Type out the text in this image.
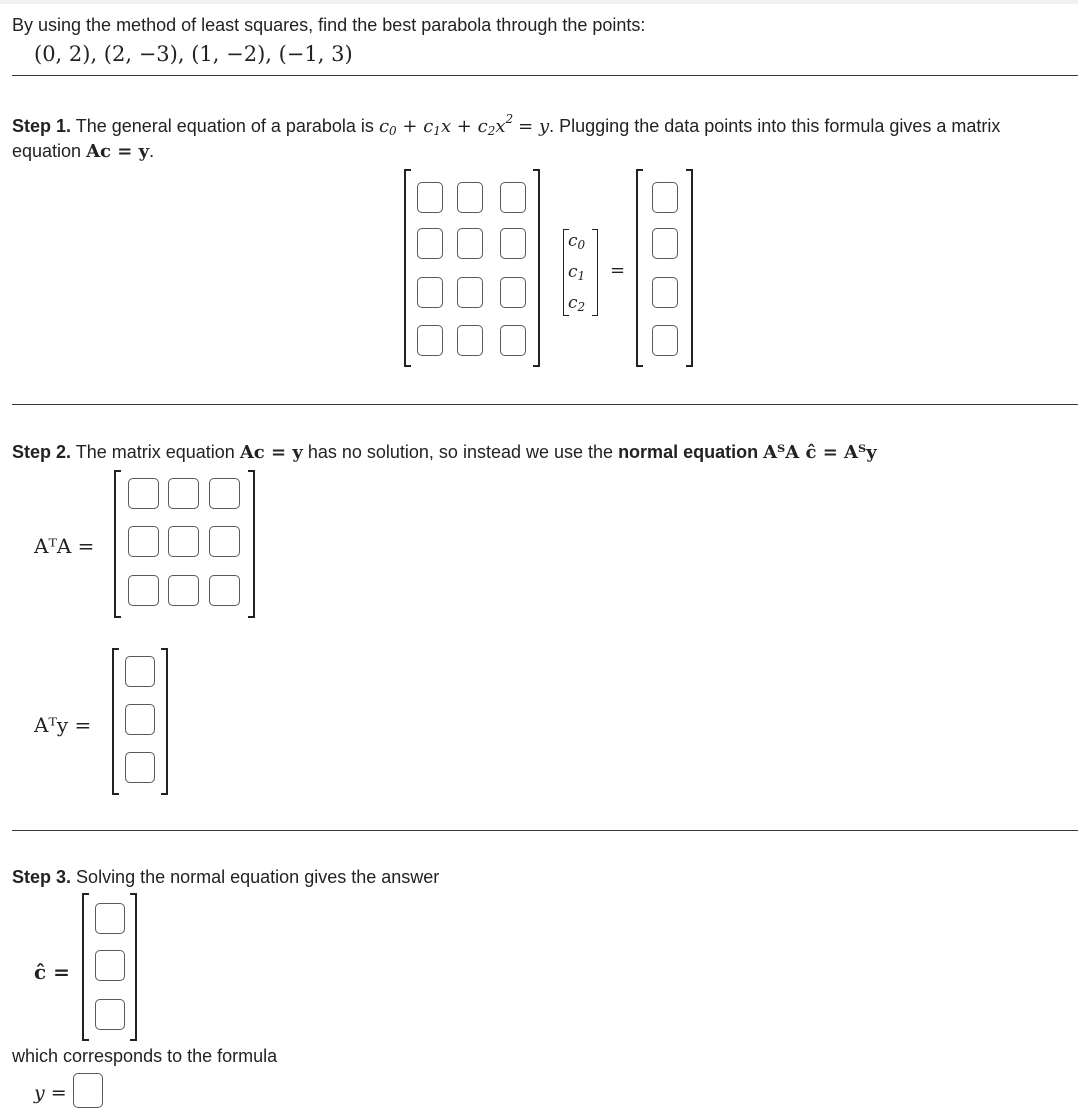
By using the method of least squares, find the best parabola through the points:
(0, 2), (2, −3), (1, −2), (−1, 3)
Step 1. The general equation of a parabola is $c_0 + c_1x + c_2x^2 = y$. Plugging the data points into this formula gives a matrix
equation Ac = y.
$c_0$
$c_1$
$c_2$
=
Step 2. The matrix equation Ac = y has no solution, so instead we use the normal equation AᵀA ĉ = Aᵀy
AᵀA =
Aᵀy =
Step 3. Solving the normal equation gives the answer
ĉ =
which corresponds to the formula
y =
